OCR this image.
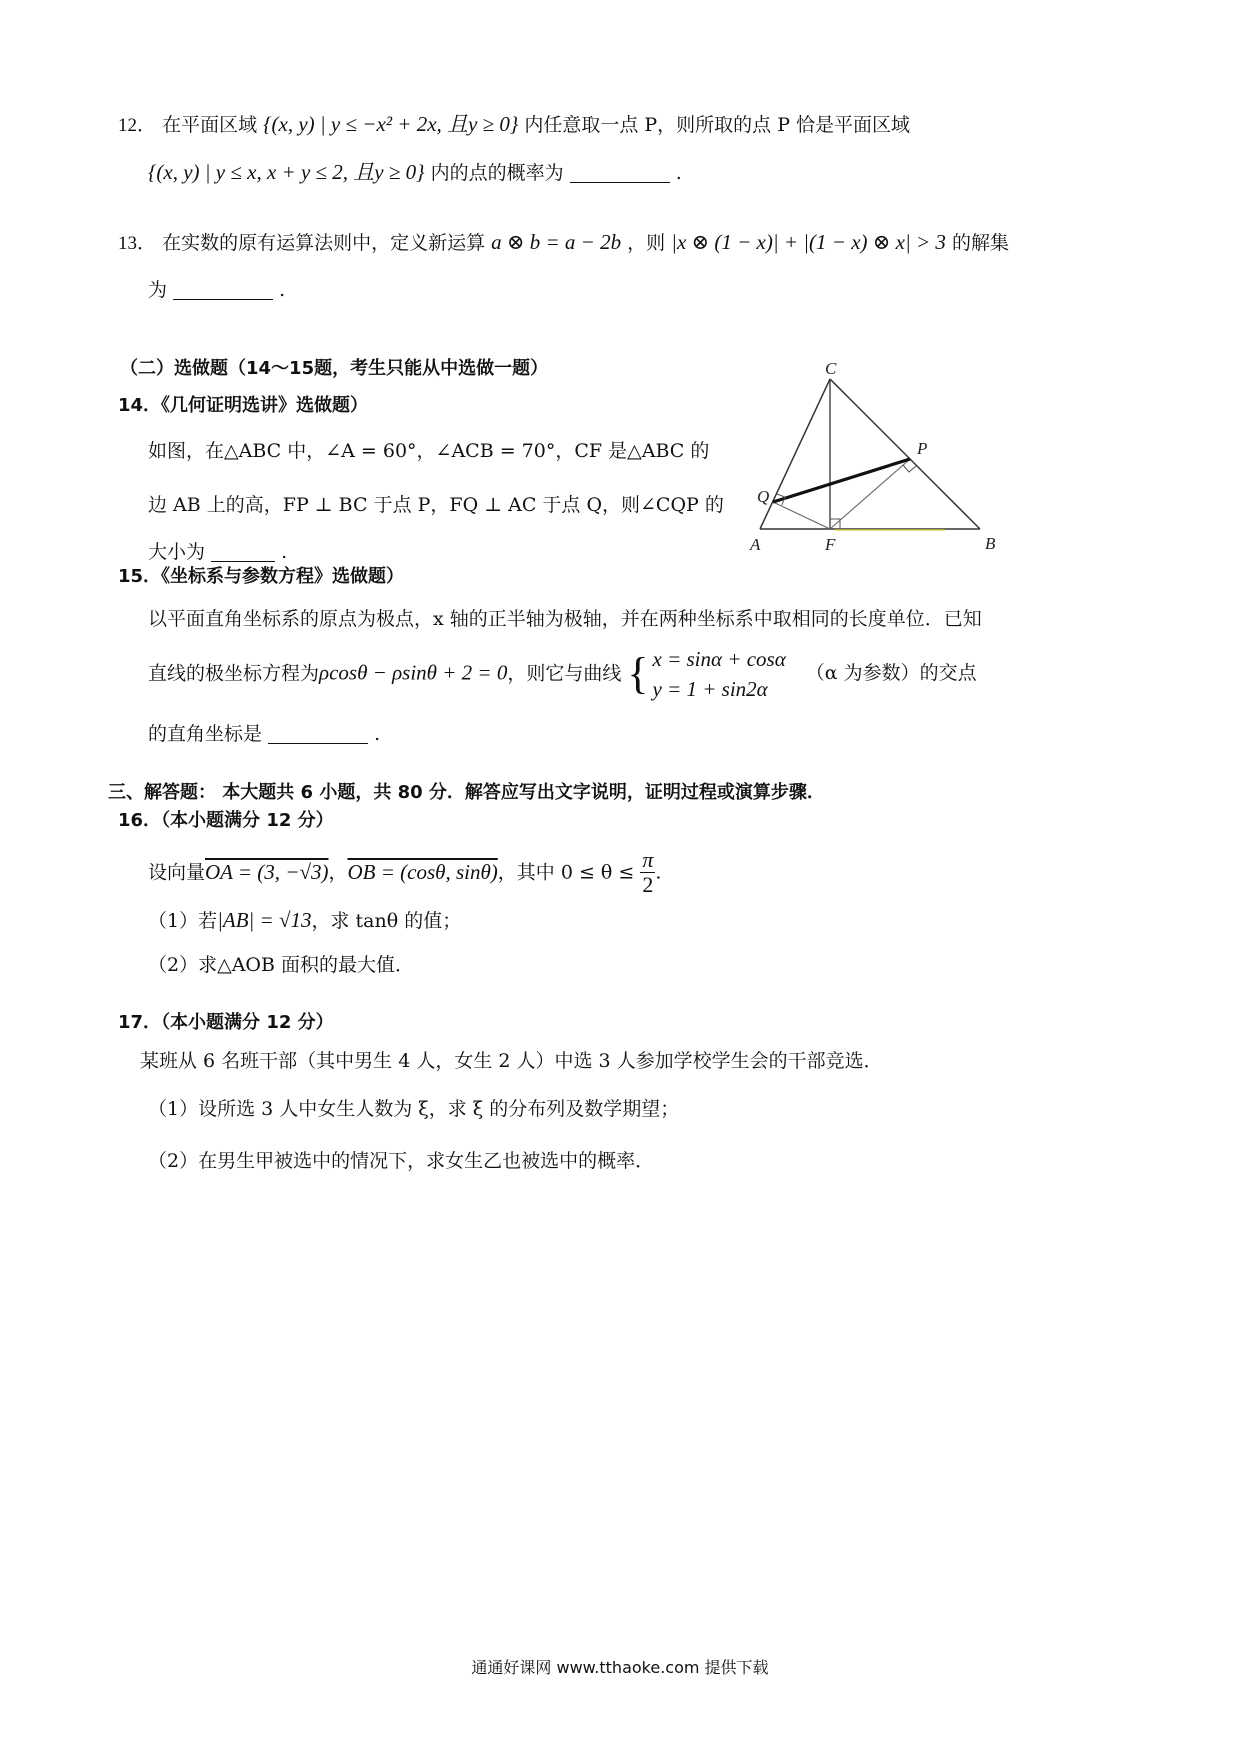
12． 在平面区域 {(x, y) | y ≤ −x² + 2x, 且y ≥ 0} 内任意取一点 P，则所取的点 P 恰是平面区域
{(x, y) | y ≤ x, x + y ≤ 2, 且y ≥ 0} 内的点的概率为	.
13． 在实数的原有运算法则中，定义新运算 a ⊗ b = a − 2b ，则 |x ⊗ (1 − x)| + |(1 − x) ⊗ x| > 3 的解集
为	.
（二）选做题（14～15题，考生只能从中选做一题）
14．《几何证明选讲》选做题）
如图，在△ABC 中，∠A = 60°，∠ACB = 70°，CF 是△ABC 的
边 AB 上的高，FP ⊥ BC 于点 P，FQ ⊥ AC 于点 Q，则∠CQP 的
大小为	.
C
P
Q
A	F	B
15．《坐标系与参数方程》选做题）
以平面直角坐标系的原点为极点，x 轴的正半轴为极轴，并在两种坐标系中取相同的长度单位．已知
直线的极坐标方程为ρcosθ − ρsinθ + 2 = 0，则它与曲线 { x = sinα + cosα
y = 1 + sin2α
（α 为参数）的交点
的直角坐标是	.
三、解答题： 本大题共 6 小题，共 80 分．解答应写出文字说明，证明过程或演算步骤．
16．（本小题满分 12 分）
设向量OA = (3, −√3)，OB = (cosθ, sinθ)，其中 $0 \le \theta \le \frac{\pi}{2}$ .
（1）若|AB| = √13，求 tanθ 的值；
（2）求△AOB 面积的最大值．
17．（本小题满分 12 分）
某班从 6 名班干部（其中男生 4 人，女生 2 人）中选 3 人参加学校学生会的干部竞选．
（1）设所选 3 人中女生人数为 ξ，求 ξ 的分布列及数学期望；
（2）在男生甲被选中的情况下，求女生乙也被选中的概率．
通通好课网 www.tthaoke.com 提供下载
